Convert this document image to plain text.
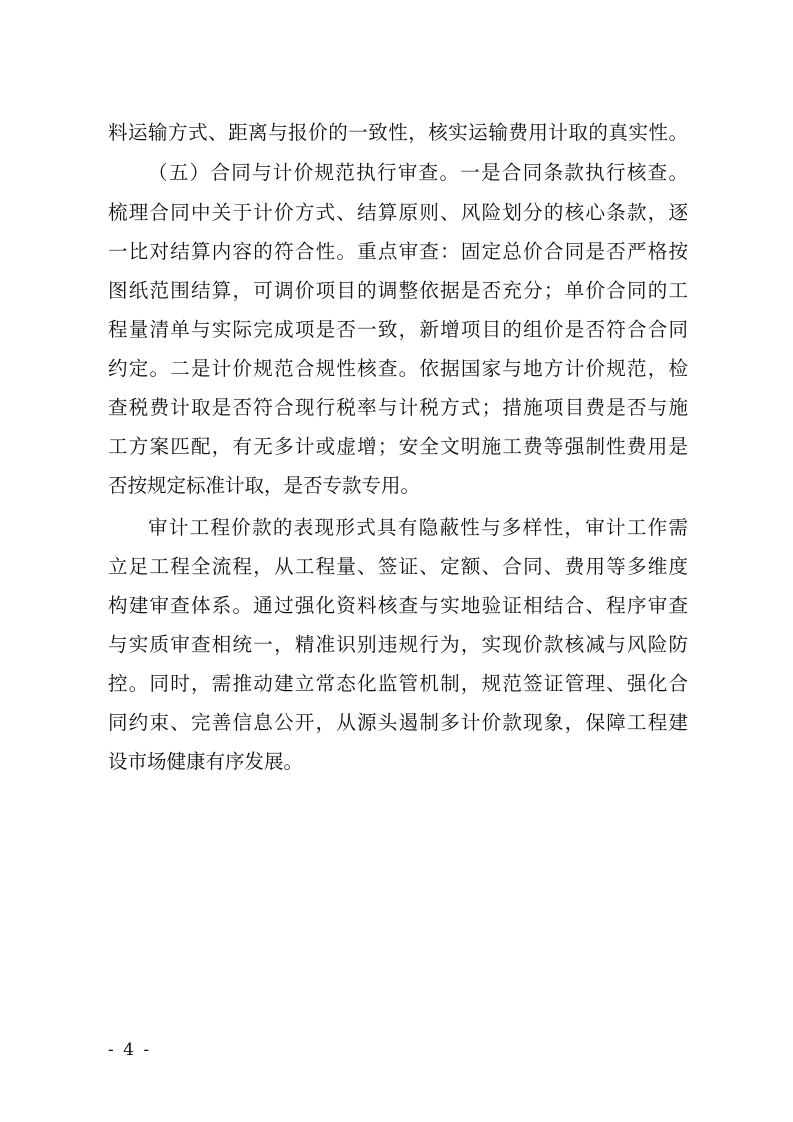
料运输方式、距离与报价的一致性，核实运输费用计取的真实性。
（五）合同与计价规范执行审查。一是合同条款执行核查。
梳理合同中关于计价方式、结算原则、风险划分的核心条款，逐
一比对结算内容的符合性。重点审查：固定总价合同是否严格按
图纸范围结算，可调价项目的调整依据是否充分；单价合同的工
程量清单与实际完成项是否一致，新增项目的组价是否符合合同
约定。二是计价规范合规性核查。依据国家与地方计价规范，检
查税费计取是否符合现行税率与计税方式；措施项目费是否与施
工方案匹配，有无多计或虚增；安全文明施工费等强制性费用是
否按规定标准计取，是否专款专用。
审计工程价款的表现形式具有隐蔽性与多样性，审计工作需
立足工程全流程，从工程量、签证、定额、合同、费用等多维度
构建审查体系。通过强化资料核查与实地验证相结合、程序审查
与实质审查相统一，精准识别违规行为，实现价款核减与风险防
控。同时，需推动建立常态化监管机制，规范签证管理、强化合
同约束、完善信息公开，从源头遏制多计价款现象，保障工程建
设市场健康有序发展。
- 4 -
